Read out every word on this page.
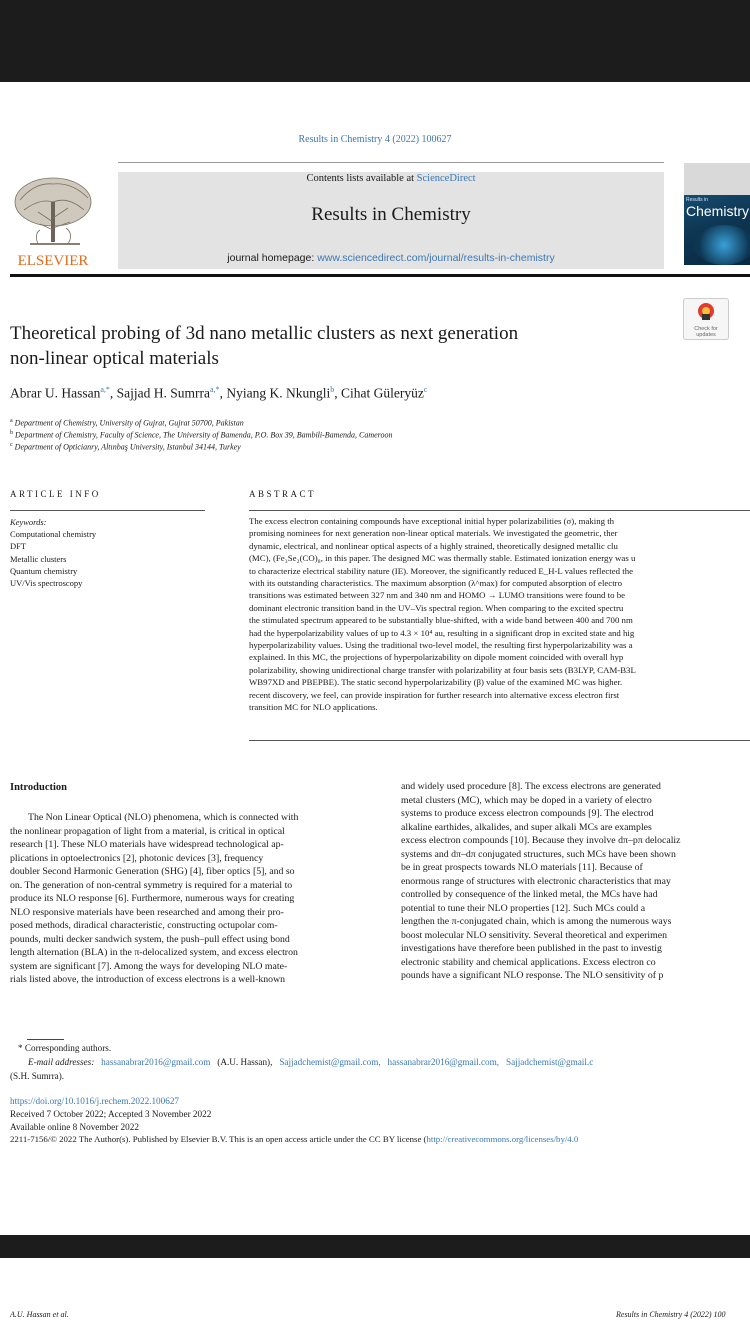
Results in Chemistry 4 (2022) 100627
ELSEVIER
Contents lists available at ScienceDirect
Results in Chemistry
journal homepage: www.sciencedirect.com/journal/results-in-chemistry
Results in
Chemistry
Check for
updates
Theoretical probing of 3d nano metallic clusters as next generation
non-linear optical materials
Abrar U. Hassan$^{a,*}$, Sajjad H. Sumrra$^{a,*}$, Nyiang K. Nkungli$^b$, Cihat Güleryüz$^c$
$^a$ Department of Chemistry, University of Gujrat, Gujrat 50700, Pakistan
$^b$ Department of Chemistry, Faculty of Science, The University of Bamenda, P.O. Box 39, Bambili-Bamenda, Cameroon
$^c$ Department of Opticianry, Altınbaş University, Istanbul 34144, Turkey
ARTICLE INFO	ABSTRACT
Keywords:
Computational chemistry
DFT
Metallic clusters
Quantum chemistry
UV/Vis spectroscopy

The excess electron containing compounds have exceptional initial hyper polarizabilities (σ), making th

promising nominees for next generation non-linear optical materials. We investigated the geometric, ther

dynamic, electrical, and nonlinear optical aspects of a highly strained, theoretically designed metallic clu

(MC), (Fe₃Se₂(CO)₈, in this paper. The designed MC was thermally stable. Estimated ionization energy was u

to characterize electrical stability nature (IE). Moreover, the significantly reduced E_H-L values reflected the

with its outstanding characteristics. The maximum absorption (λ^max) for computed absorption of electro

transitions was estimated between 327 nm and 340 nm and HOMO → LUMO transitions were found to be

dominant electronic transition band in the UV–Vis spectral region. When comparing to the excited spectru

the stimulated spectrum appeared to be substantially blue-shifted, with a wide band between 400 and 700 nm

had the hyperpolarizability values of up to 4.3 × 10⁴ au, resulting in a significant drop in excited state and hig

hyperpolarizability values. Using the traditional two-level model, the resulting first hyperpolarizability was a

explained. In this MC, the projections of hyperpolarizability on dipole moment coincided with overall hyp

polarizability, showing unidirectional charge transfer with polarizability at four basis sets (B3LYP, CAM-B3L

WB97XD and PBEPBE). The static second hyperpolarizability (β) value of the examined MC was higher.

recent discovery, we feel, can provide inspiration for further research into alternative excess electron first

transition MC for NLO applications.

Introduction

The Non Linear Optical (NLO) phenomena, which is connected with

the nonlinear propagation of light from a material, is critical in optical

research [1]. These NLO materials have widespread technological ap-

plications in optoelectronics [2], photonic devices [3], frequency

doubler Second Harmonic Generation (SHG) [4], fiber optics [5], and so

on. The generation of non-central symmetry is required for a material to

produce its NLO response [6]. Furthermore, numerous ways for creating

NLO responsive materials have been researched and among their pro-

posed methods, diradical characteristic, constructing octupolar com-

pounds, multi decker sandwich system, the push–pull effect using bond

length alternation (BLA) in the π-delocalized system, and excess electron

system are significant [7]. Among the ways for developing NLO mate-

rials listed above, the introduction of excess electrons is a well-known

and widely used procedure [8]. The excess electrons are generated

metal clusters (MC), which may be doped in a variety of electro

systems to produce excess electron compounds [9]. The electrod

alkaline earthides, alkalides, and super alkali MCs are examples

excess electron compounds [10]. Because they involve dπ–pπ delocaliz

systems and dπ–dπ conjugated structures, such MCs have been shown

be in great prospects towards NLO materials [11]. Because of

enormous range of structures with electronic characteristics that may

controlled by consequence of the linked metal, the MCs have had

potential to tune their NLO properties [12]. Such MCs could a

lengthen the π-conjugated chain, which is among the numerous ways

boost molecular NLO sensitivity. Several theoretical and experimen

investigations have therefore been published in the past to investig

electronic stability and chemical applications. Excess electron co

pounds have a significant NLO response. The NLO sensitivity of p

* Corresponding authors.
E-mail addresses: hassanabrar2016@gmail.com (A.U. Hassan), Sajjadchemist@gmail.com, hassanabrar2016@gmail.com, Sajjadchemist@gmail.c
(S.H. Sumrra).
https://doi.org/10.1016/j.rechem.2022.100627
Received 7 October 2022; Accepted 3 November 2022
Available online 8 November 2022
2211-7156/© 2022 The Author(s). Published by Elsevier B.V. This is an open access article under the CC BY license (http://creativecommons.org/licenses/by/4.0
A.U. Hassan et al.	Results in Chemistry 4 (2022) 100
